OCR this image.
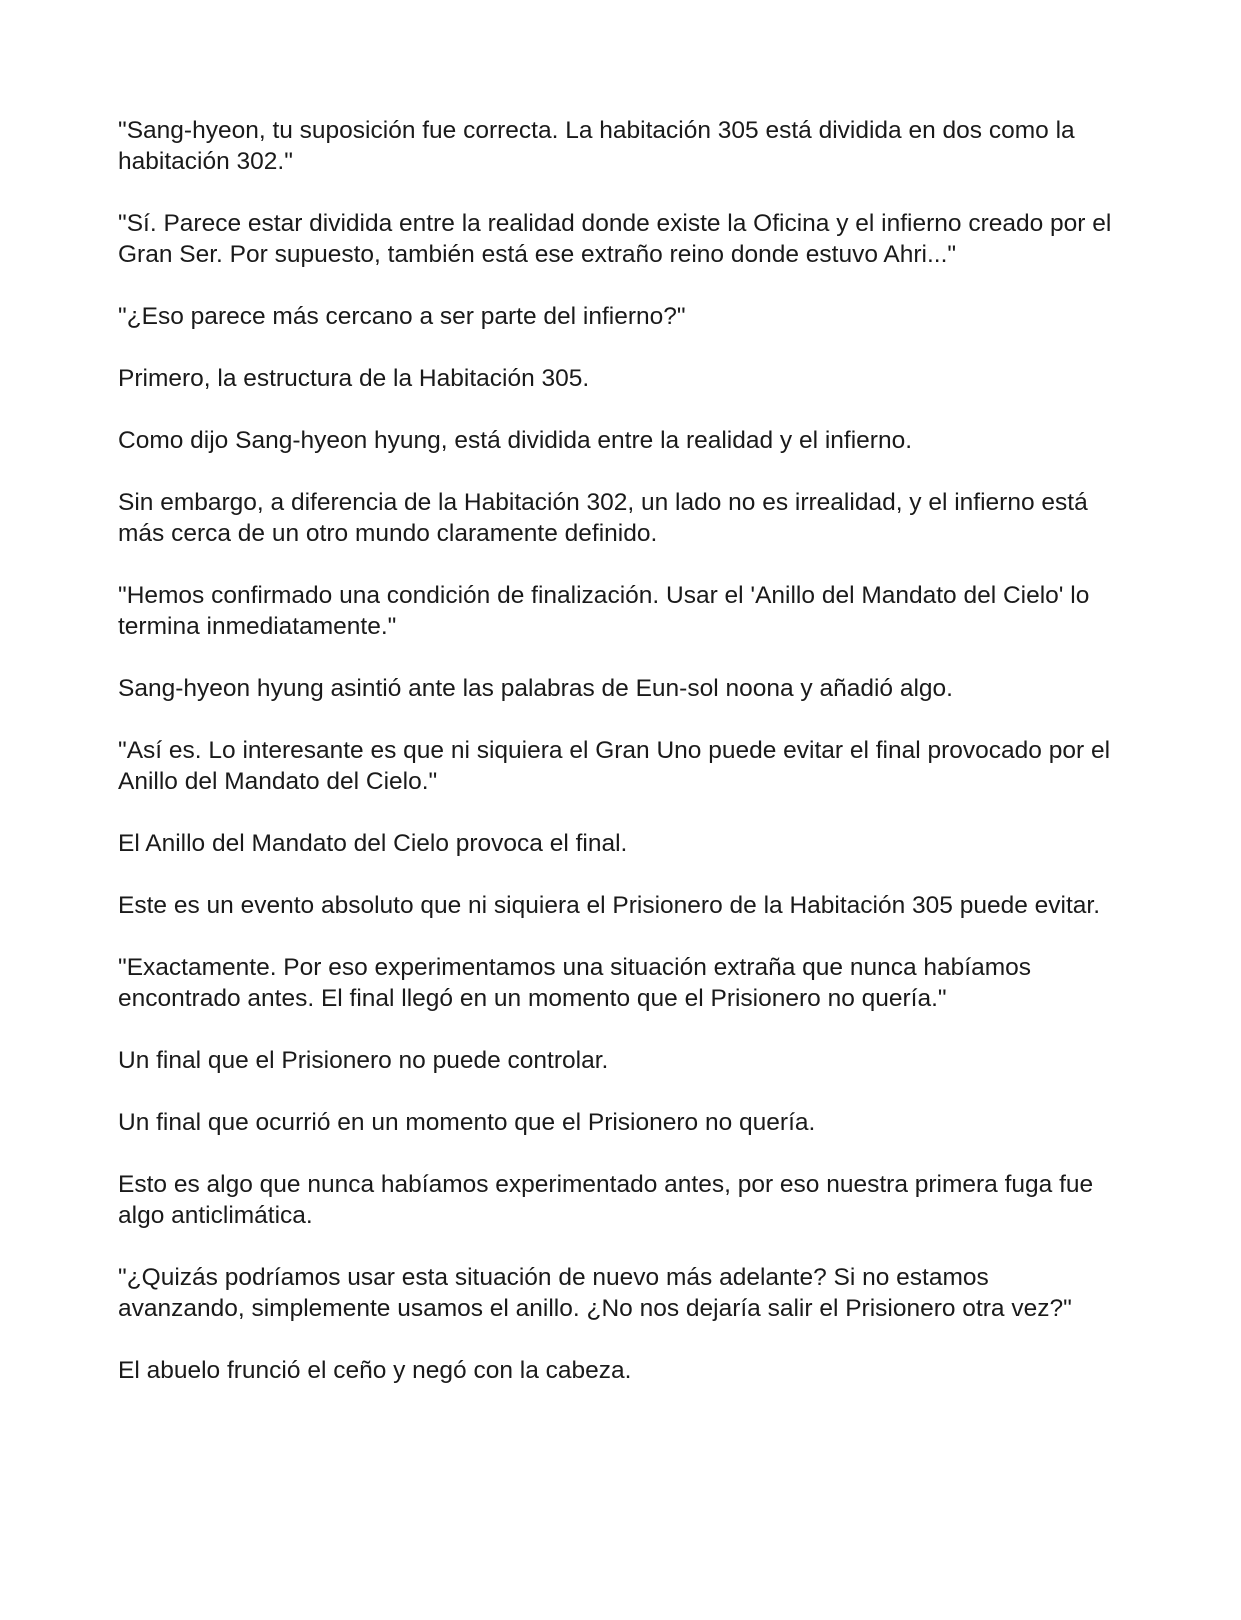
"Sang-hyeon, tu suposición fue correcta. La habitación 305 está dividida en dos como la habitación 302."

"Sí. Parece estar dividida entre la realidad donde existe la Oficina y el infierno creado por el Gran Ser. Por supuesto, también está ese extraño reino donde estuvo Ahri..."

"¿Eso parece más cercano a ser parte del infierno?"

Primero, la estructura de la Habitación 305.

Como dijo Sang-hyeon hyung, está dividida entre la realidad y el infierno.

Sin embargo, a diferencia de la Habitación 302, un lado no es irrealidad, y el infierno está más cerca de un otro mundo claramente definido.

"Hemos confirmado una condición de finalización. Usar el 'Anillo del Mandato del Cielo' lo termina inmediatamente."

Sang-hyeon hyung asintió ante las palabras de Eun-sol noona y añadió algo.

"Así es. Lo interesante es que ni siquiera el Gran Uno puede evitar el final provocado por el Anillo del Mandato del Cielo."

El Anillo del Mandato del Cielo provoca el final.

Este es un evento absoluto que ni siquiera el Prisionero de la Habitación 305 puede evitar.

"Exactamente. Por eso experimentamos una situación extraña que nunca habíamos encontrado antes. El final llegó en un momento que el Prisionero no quería."

Un final que el Prisionero no puede controlar.

Un final que ocurrió en un momento que el Prisionero no quería.

Esto es algo que nunca habíamos experimentado antes, por eso nuestra primera fuga fue algo anticlimática.

"¿Quizás podríamos usar esta situación de nuevo más adelante? Si no estamos avanzando, simplemente usamos el anillo. ¿No nos dejaría salir el Prisionero otra vez?"

El abuelo frunció el ceño y negó con la cabeza.
